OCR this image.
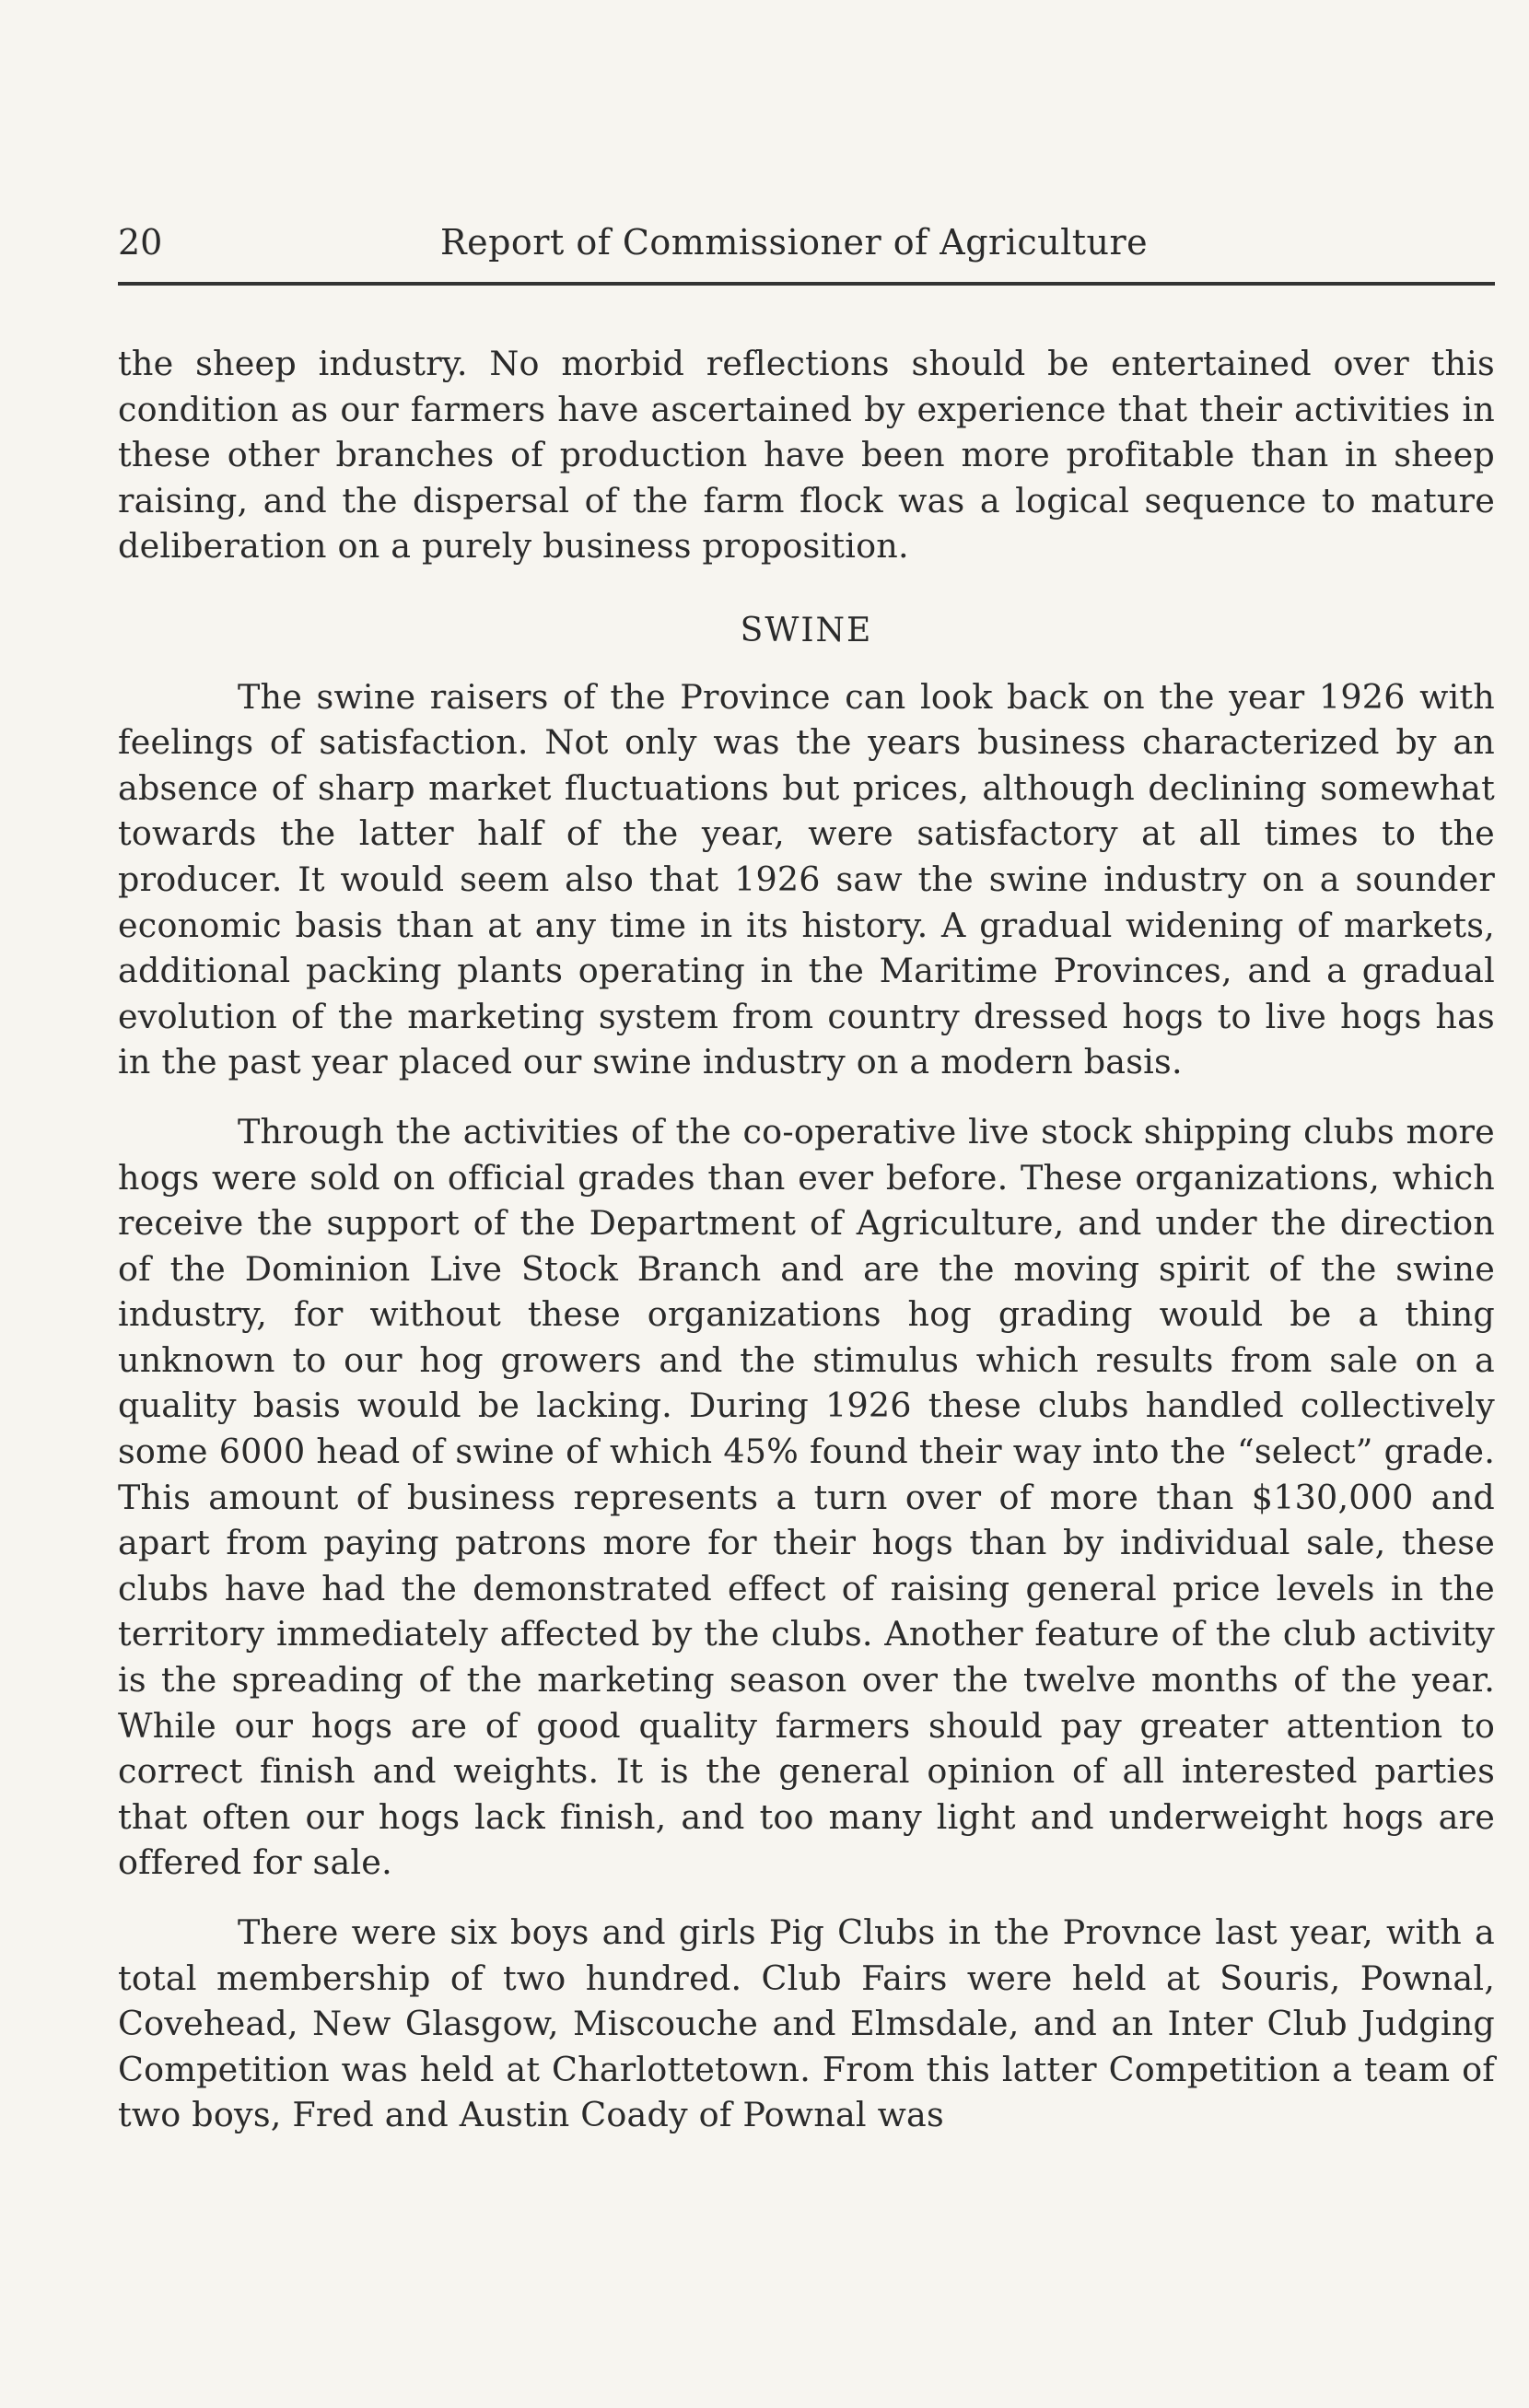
20	Report of Commissioner of Agriculture

the sheep industry. No morbid reflections should be entertained over this condition as our farmers have ascertained by experience that their activities in these other branches of production have been more profitable than in sheep raising, and the dispersal of the farm flock was a logical sequence to mature deliberation on a purely business proposition.

SWINE

The swine raisers of the Province can look back on the year 1926 with feelings of satisfaction. Not only was the years business characterized by an absence of sharp market fluctuations but prices, although declining somewhat towards the latter half of the year, were satisfactory at all times to the producer. It would seem also that 1926 saw the swine industry on a sounder economic basis than at any time in its history. A gradual widening of markets, additional packing plants operating in the Maritime Provinces, and a gradual evolution of the marketing system from country dressed hogs to live hogs has in the past year placed our swine industry on a modern basis.

Through the activities of the co-operative live stock shipping clubs more hogs were sold on official grades than ever before. These organizations, which receive the support of the Department of Agriculture, and under the direction of the Dominion Live Stock Branch and are the moving spirit of the swine industry, for without these organizations hog grading would be a thing unknown to our hog growers and the stimulus which results from sale on a quality basis would be lacking. During 1926 these clubs handled collectively some 6000 head of swine of which 45% found their way into the “select” grade. This amount of business represents a turn over of more than $130,000 and apart from paying patrons more for their hogs than by individual sale, these clubs have had the demonstrated effect of raising general price levels in the territory immediately affected by the clubs. Another feature of the club activity is the spreading of the marketing season over the twelve months of the year. While our hogs are of good quality farmers should pay greater attention to correct finish and weights. It is the general opinion of all interested parties that often our hogs lack finish, and too many light and underweight hogs are offered for sale.

There were six boys and girls Pig Clubs in the Provnce last year, with a total membership of two hundred. Club Fairs were held at Souris, Pownal, Covehead, New Glasgow, Miscouche and Elmsdale, and an Inter Club Judging Competition was held at Charlottetown. From this latter Competition a team of two boys, Fred and Austin Coady of Pownal was
